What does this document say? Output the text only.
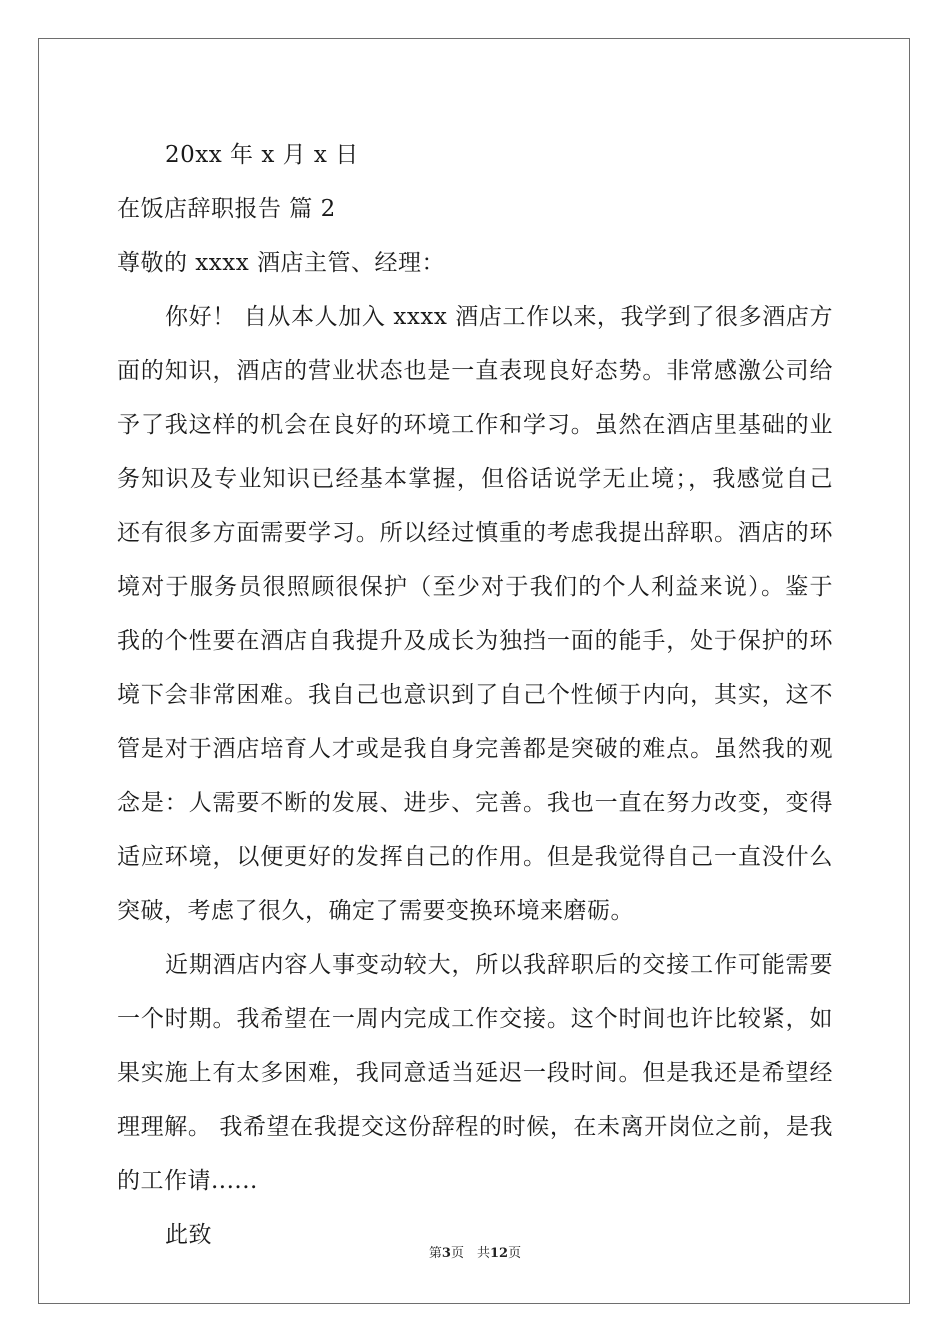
20xx 年 x 月 x 日
在饭店辞职报告 篇 2
尊敬的 xxxx 酒店主管、经理：

你好！ 自从本人加入 xxxx 酒店工作以来，我学到了很多酒店方面的知识，酒店的营业状态也是一直表现良好态势。非常感激公司给予了我这样的机会在良好的环境工作和学习。虽然在酒店里基础的业务知识及专业知识已经基本掌握，但俗话说学无止境；，我感觉自己还有很多方面需要学习。所以经过慎重的考虑我提出辞职。酒店的环境对于服务员很照顾很保护（至少对于我们的个人利益来说）。鉴于我的个性要在酒店自我提升及成长为独挡一面的能手，处于保护的环境下会非常困难。我自己也意识到了自己个性倾于内向，其实，这不管是对于酒店培育人才或是我自身完善都是突破的难点。虽然我的观念是：人需要不断的发展、进步、完善。我也一直在努力改变，变得适应环境，以便更好的发挥自己的作用。但是我觉得自己一直没什么突破，考虑了很久，确定了需要变换环境来磨砺。

近期酒店内容人事变动较大，所以我辞职后的交接工作可能需要一个时期。我希望在一周内完成工作交接。这个时间也许比较紧，如果实施上有太多困难，我同意适当延迟一段时间。但是我还是希望经理理解。 我希望在我提交这份辞程的时候，在未离开岗位之前，是我的工作请......

此致
第3页　共12页
